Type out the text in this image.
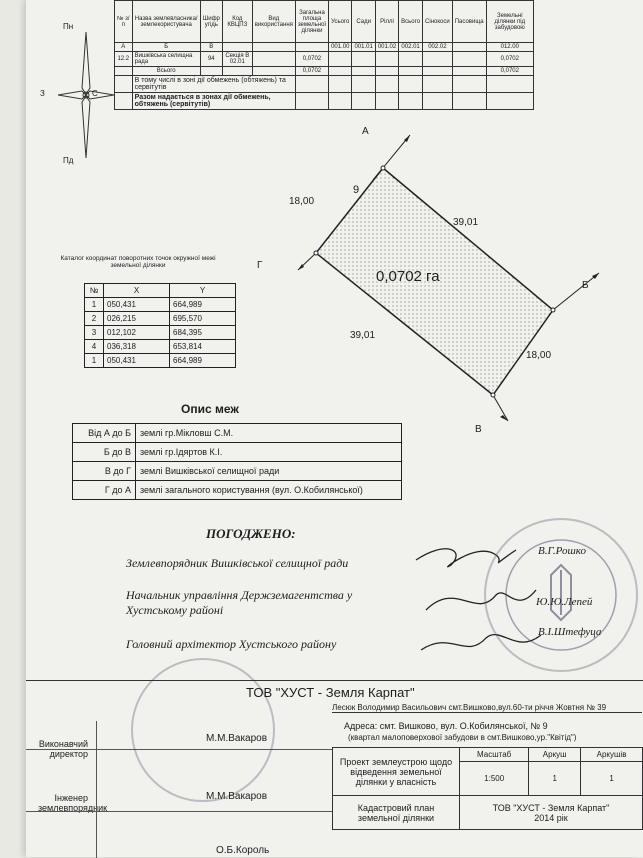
Пн
Пд
З	С
№ з/п	Назва землевласника/землекористувача	Шифр угідь	Код КВЦПЗ	Вид використання	Загальна площа земельної ділянки	Усього	Сади	Ріллі	Всього	Сінокоси	Пасовища	Земельні ділянки під забудовою
А	Б	В				001.00	001.01	001.02	002.01	002.02		012.00
12.2	Вишківська селищна рада	94	Секція В 02.01		0,0702							0,0702
	Всього				0,0702							0,0702
	В тому числі в зоні дії обмежень (обтяжень) та сервітутів											
	Разом надається в зонах дії обмежень, обтяжень (сервітутів)											
А
Б
В
Г
9
0,0702 га
18,00
39,01
39,01
18,00
Каталог координат поворотних точок окружної межі земельної ділянки
№	X	Y
1	050,431	664,989
2	026,215	695,570
3	012,102	684,395
4	036,318	653,814
1	050,431	664,989
Опис меж
Від А до Б	землі гр.Мікловш С.М.
Б до В	землі гр.Ідяртов К.І.
В до Г	землі Вишківської селищної ради
Г до А	землі загального користування (вул. О.Кобилянської)
ПОГОДЖЕНО:
Землевпорядник Вишківської селищної ради
В.Г.Рошко
Начальник управління Держземагентства у Хустському районі
Ю.Ю.Лепей
Головний архітектор Хустського району
В.І.Штефуца
ТОВ "ХУСТ - Земля Карпат"
Лесюк Володимир Васильович смт.Вишково,вул.60-ти річчя Жовтня № 39
Адреса: смт. Вишково, вул. О.Кобилянської, № 9
(квартал малоповерхової забудови в смт.Вишково,ур."Квiтiд")
Виконавчий директор
М.М.Вакаров
Інженер землевпорядник
М.М.Вакаров
О.Б.Король
Проект землеустрою щодо відведення земельної ділянки у власність	Масштаб	Аркуш	Аркушів
	1:500	1	1
Кадастровий план земельної ділянки	ТОВ "ХУСТ - Земля Карпат"
2014 рік		
